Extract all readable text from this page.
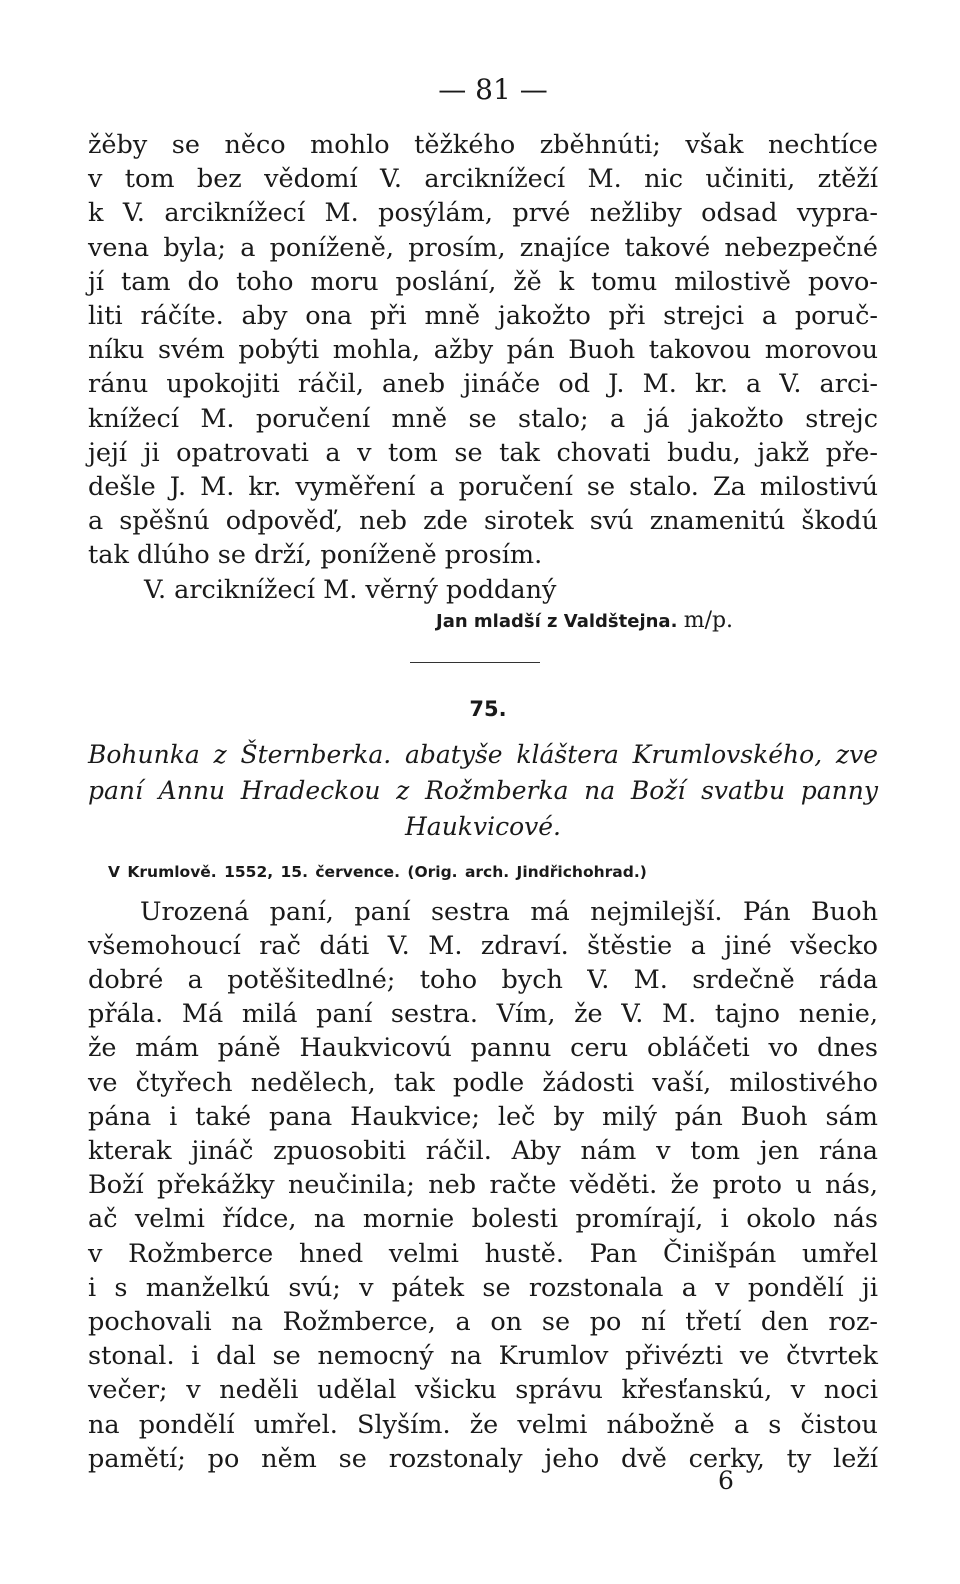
— 81 —
žěby se něco mohlo těžkého zběhnúti; však nechtíce
v tom bez vědomí V. arciknížecí M. nic učiniti, ztěží
k V. arciknížecí M. posýlám, prvé nežliby odsad vypra-
vena byla; a poníženě, prosím, znajíce takové nebezpečné
jí tam do toho moru poslání, žě k tomu milostivě povo-
liti ráčíte. aby ona při mně jakožto při strejci a poruč-
níku svém pobýti mohla, ažby pán Buoh takovou morovou
ránu upokojiti ráčil, aneb jináče od J. M. kr. a V. arci-
knížecí M. poručení mně se stalo; a já jakožto strejc
její ji opatrovati a v tom se tak chovati budu, jakž pře-
dešle J. M. kr. vyměření a poručení se stalo. Za milostivú
a spěšnú odpověď, neb zde sirotek svú znamenitú škodú
tak dlúho se drží, poníženě prosím.
V. arciknížecí M. věrný poddaný
Jan mladší z Valdštejna. m/p.
75.
Bohunka z Šternberka. abatyše kláštera Krumlovského, zve
paní Annu Hradeckou z Rožmberka na Boží svatbu panny
Haukvicové.
V Krumlově. 1552, 15. července. (Orig. arch. Jindřichohrad.)
Urozená paní, paní sestra má nejmilejší. Pán Buoh
všemohoucí rač dáti V. M. zdraví. štěstie a jiné všecko
dobré a potěšitedlné; toho bych V. M. srdečně ráda
přála. Má milá paní sestra. Vím, že V. M. tajno nenie,
že mám páně Haukvicovú pannu ceru obláčeti vo dnes
ve čtyřech nedělech, tak podle žádosti vaší, milostivého
pána i také pana Haukvice; leč by milý pán Buoh sám
kterak jináč zpuosobiti ráčil. Aby nám v tom jen rána
Boží překážky neučinila; neb račte věděti. že proto u nás,
ač velmi řídce, na mornie bolesti promírají, i okolo nás
v Rožmberce hned velmi hustě. Pan Činišpán umřel
i s manželkú svú; v pátek se rozstonala a v pondělí ji
pochovali na Rožmberce, a on se po ní třetí den roz-
stonal. i dal se nemocný na Krumlov přivézti ve čtvrtek
večer; v neděli udělal všicku správu křesťanskú, v noci
na pondělí umřel. Slyším. že velmi nábožně a s čistou
pamětí; po něm se rozstonaly jeho dvě cerky, ty leží
6
